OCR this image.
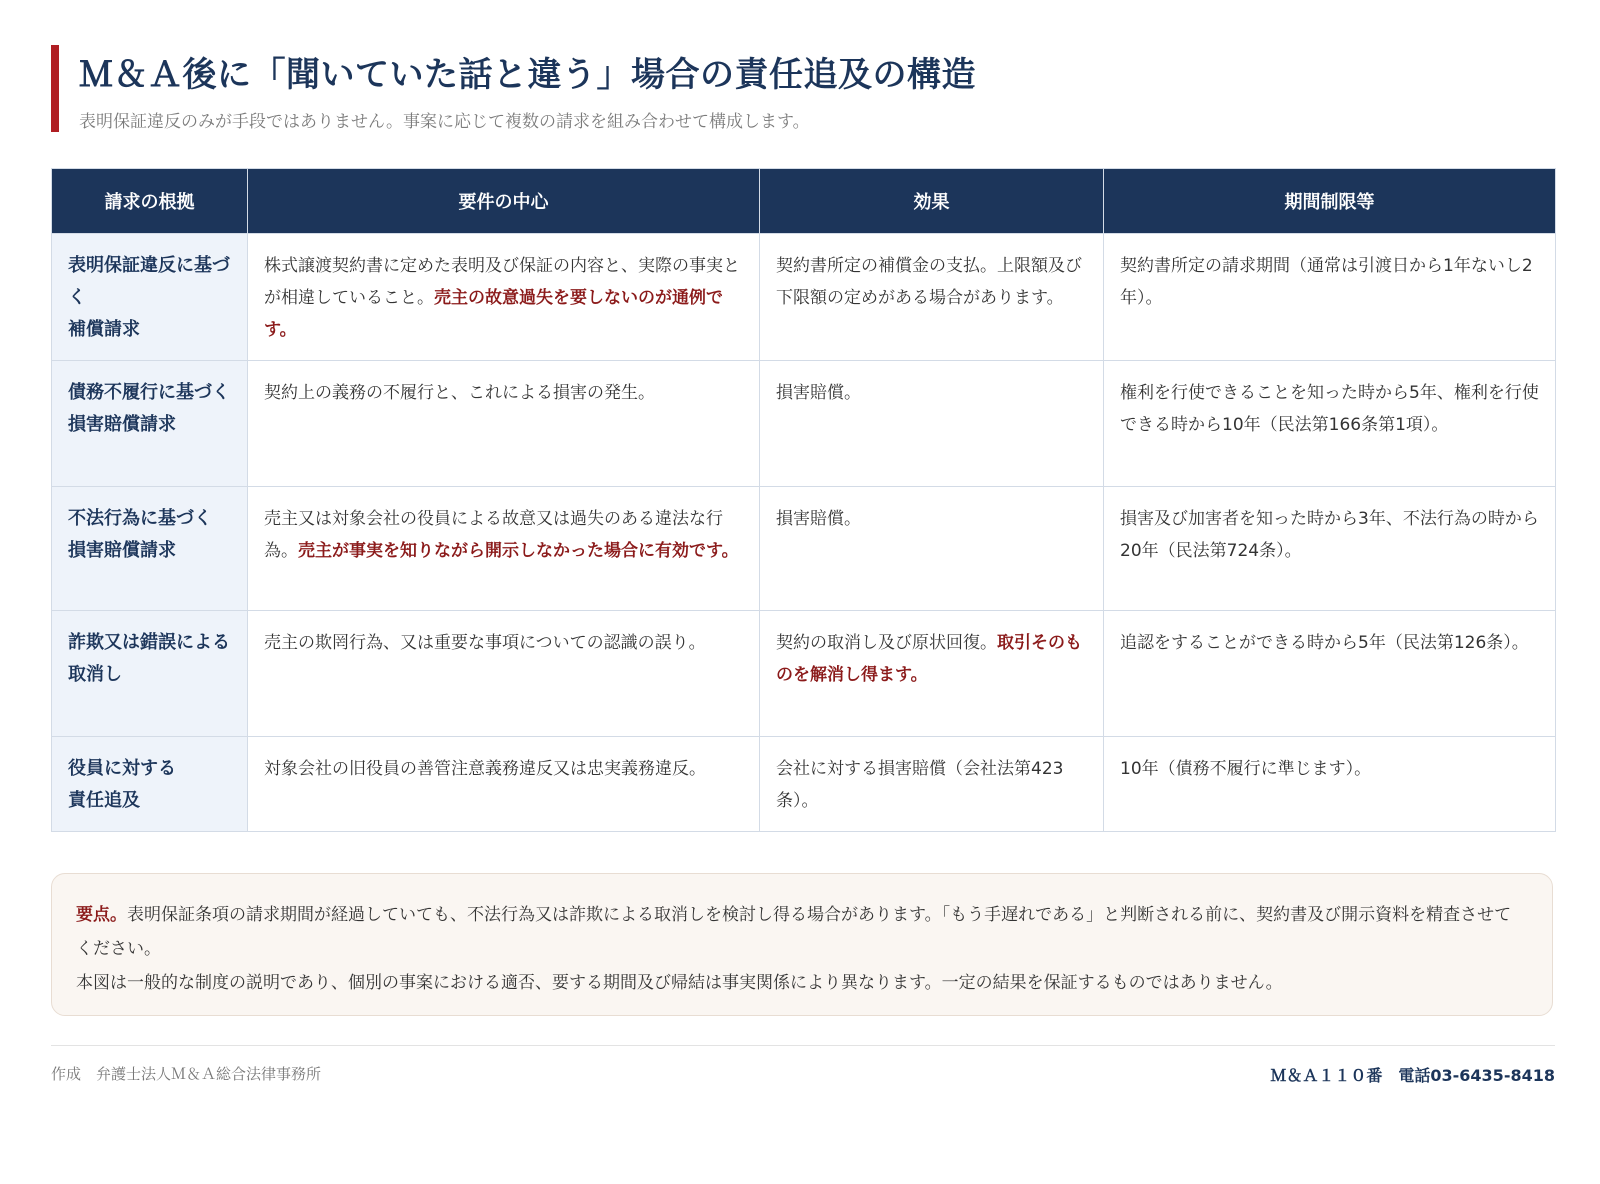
Ｍ＆Ａ後に「聞いていた話と違う」場合の責任追及の構造

表明保証違反のみが手段ではありません。事案に応じて複数の請求を組み合わせて構成します。

請求の根拠	要件の中心	効果	期間制限等

表明保証違反に基づく
補償請求	株式譲渡契約書に定めた表明及び保証の内容と、実際の事実とが相違していること。売主の故意過失を要しないのが通例です。	契約書所定の補償金の支払。上限額及び下限額の定めがある場合があります。	契約書所定の請求期間（通常は引渡日から1年ないし2年）。

債務不履行に基づく
損害賠償請求	契約上の義務の不履行と、これによる損害の発生。	損害賠償。	権利を行使できることを知った時から5年、権利を行使できる時から10年（民法第166条第1項）。

不法行為に基づく
損害賠償請求	売主又は対象会社の役員による故意又は過失のある違法な行為。売主が事実を知りながら開示しなかった場合に有効です。	損害賠償。	損害及び加害者を知った時から3年、不法行為の時から20年（民法第724条）。

詐欺又は錯誤による
取消し	売主の欺罔行為、又は重要な事項についての認識の誤り。	契約の取消し及び原状回復。取引そのものを解消し得ます。	追認をすることができる時から5年（民法第126条）。

役員に対する
責任追及	対象会社の旧役員の善管注意義務違反又は忠実義務違反。	会社に対する損害賠償（会社法第423条）。	10年（債務不履行に準じます）。

要点。表明保証条項の請求期間が経過していても、不法行為又は詐欺による取消しを検討し得る場合があります。「もう手遅れである」と判断される前に、契約書及び開示資料を精査させてください。

本図は一般的な制度の説明であり、個別の事案における適否、要する期間及び帰結は事実関係により異なります。一定の結果を保証するものではありません。

作成　弁護士法人Ｍ＆Ａ総合法律事務所	Ｍ＆Ａ１１０番　電話03-6435-8418
